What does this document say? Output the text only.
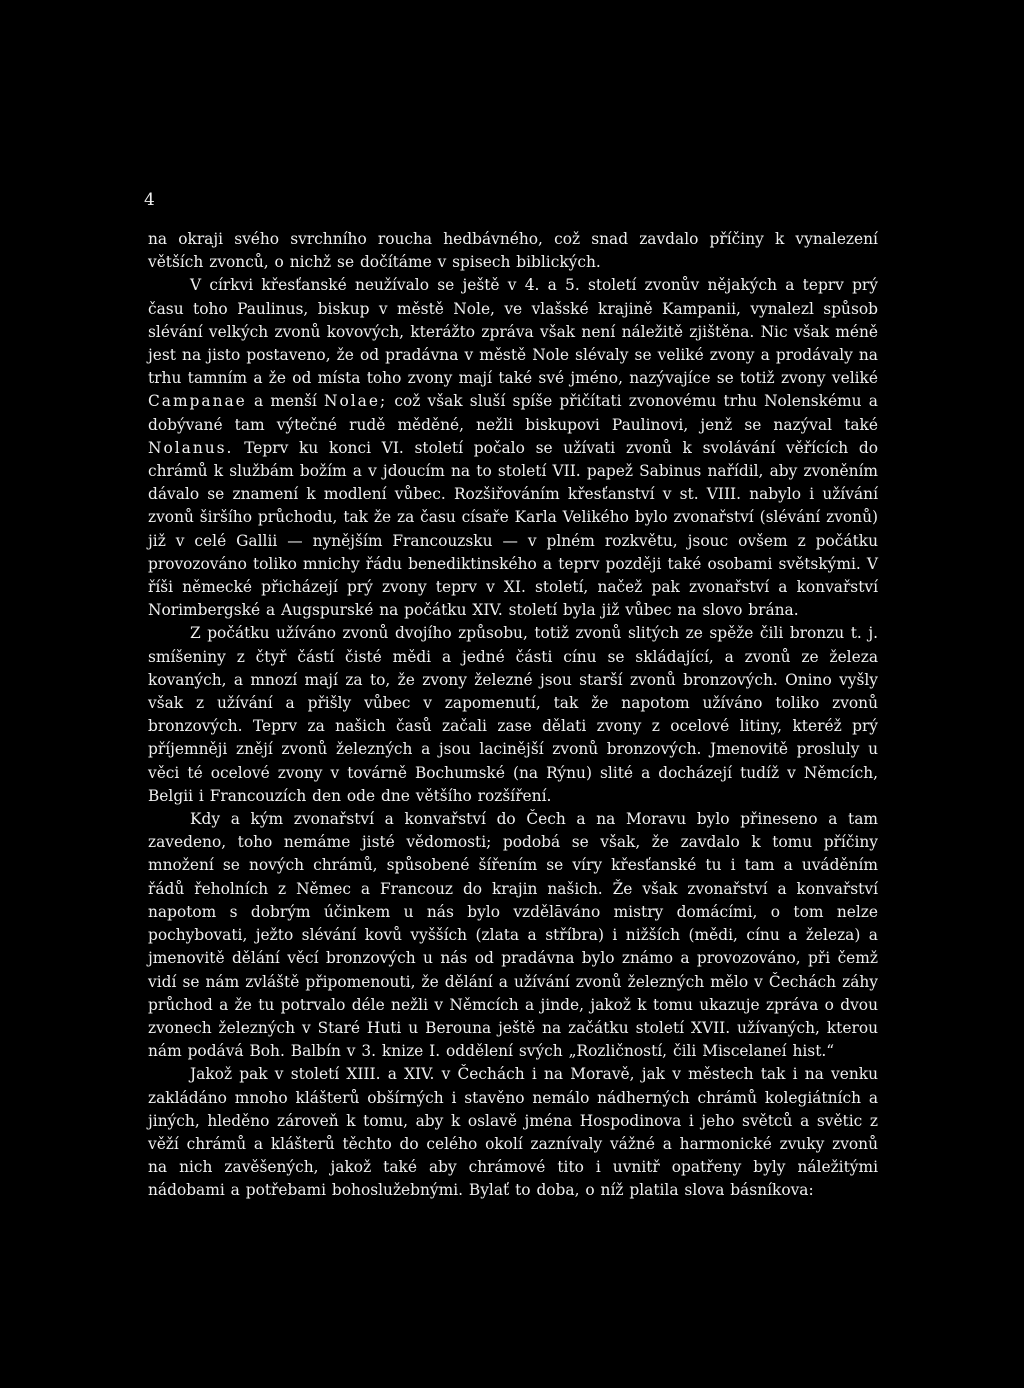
4

na okraji svého svrchního roucha hedbávného, což snad zavdalo příčiny k vynalezení větších zvonců, o nichž se dočítáme v spisech biblických.

V církvi křesťanské neužívalo se ještě v 4. a 5. století zvonův nějakých a teprv prý času toho Paulinus, biskup v městě Nole, ve vlašské krajině Kampanii, vynalezl spůsob slévání velkých zvonů kovových, kterážto zpráva však není náležitě zjištěna. Nic však méně jest na jisto postaveno, že od pradávna v městě Nole slévaly se veliké zvony a prodávaly na trhu tamním a že od místa toho zvony mají také své jméno, nazývajíce se totiž zvony veliké Campanae a menší Nolae; což však sluší spíše přičítati zvonovému trhu Nolenskému a dobývané tam výtečné rudě měděné, nežli biskupovi Paulinovi, jenž se nazýval také Nolanus. Teprv ku konci VI. století počalo se užívati zvonů k svolávání věřících do chrámů k službám božím a v jdoucím na to století VII. papež Sabinus nařídil, aby zvoněním dávalo se znamení k modlení vůbec. Rozšiřováním křesťanství v st. VIII. nabylo i užívání zvonů širšího průchodu, tak že za času císaře Karla Velikého bylo zvonařství (slévání zvonů) již v celé Gallii — nynějším Francouzsku — v plném rozkvětu, jsouc ovšem z počátku provozováno toliko mnichy řádu benediktinského a teprv později také osobami světskými. V říši německé přicházejí prý zvony teprv v XI. století, načež pak zvonařství a konvařství Norimbergské a Augspurské na počátku XIV. století byla již vůbec na slovo brána.

Z počátku užíváno zvonů dvojího způsobu, totiž zvonů slitých ze spěže čili bronzu t. j. smíšeniny z čtyř částí čisté mědi a jedné části cínu se skládající, a zvonů ze železa kovaných, a mnozí mají za to, že zvony železné jsou starší zvonů bronzových. Onino vyšly však z užívání a přišly vůbec v zapomenutí, tak že napotom užíváno toliko zvonů bronzových. Teprv za našich časů začali zase dělati zvony z ocelové litiny, kteréž prý příjemněji znějí zvonů železných a jsou lacinější zvonů bronzových. Jmenovitě prosluly u věci té ocelové zvony v továrně Bochumské (na Rýnu) slité a docházejí tudíž v Němcích, Belgii i Francouzích den ode dne většího rozšíření.

Kdy a kým zvonařství a konvařství do Čech a na Moravu bylo přineseno a tam zavedeno, toho nemáme jisté vědomosti; podobá se však, že zavdalo k tomu příčiny množení se nových chrámů, spůsobené šířením se víry křesťanské tu i tam a uváděním řádů řeholních z Němec a Francouz do krajin našich. Že však zvonařství a konvařství napotom s dobrým účinkem u nás bylo vzdělāváno mistry domácími, o tom nelze pochybovati, ježto slévání kovů vyšších (zlata a stříbra) i nižších (mědi, cínu a železa) a jmenovitě dělání věcí bronzových u nás od pradávna bylo známo a provozováno, při čemž vidí se nám zvláště připomenouti, že dělání a užívání zvonů železných mělo v Čechách záhy průchod a že tu potrvalo déle nežli v Němcích a jinde, jakož k tomu ukazuje zpráva o dvou zvonech železných v Staré Huti u Berouna ještě na začátku století XVII. užívaných, kterou nám podává Boh. Balbín v 3. knize I. oddělení svých „Rozličností, čili Miscelaneí hist.“

Jakož pak v století XIII. a XIV. v Čechách i na Moravě, jak v městech tak i na venku zakládáno mnoho klášterů obšírných i stavěno nemálo nádherných chrámů kolegiátních a jiných, hleděno zároveň k tomu, aby k oslavě jména Hospodinova i jeho světců a světic z věží chrámů a klášterů těchto do celého okolí zaznívaly vážné a harmonické zvuky zvonů na nich zavěšených, jakož také aby chrámové tito i uvnitř opatřeny byly náležitými nádobami a potřebami bohoslužebnými. Bylať to doba, o níž platila slova básníkova:
